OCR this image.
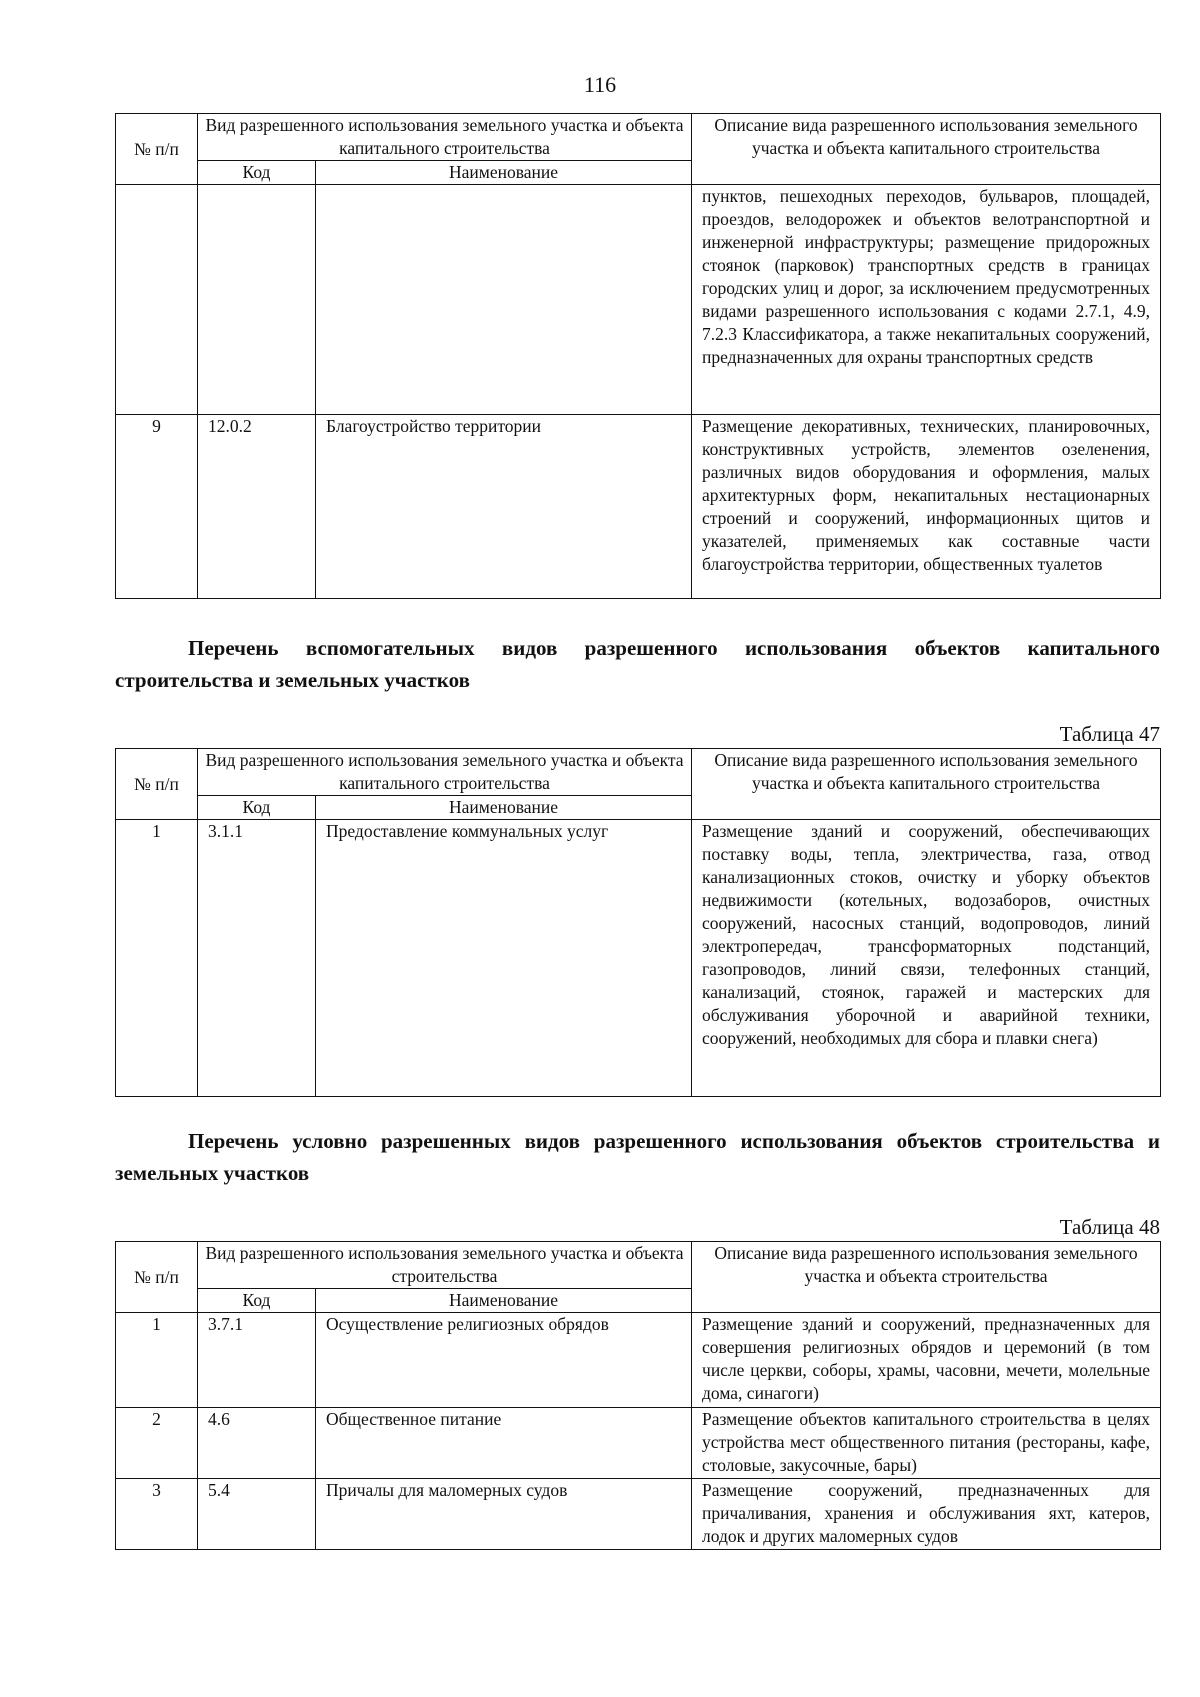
116
№ п/п	Вид разрешенного использования земельного участка и объекта капитального строительства		Описание вида разрешенного использования земельного участка и объекта капитального строительства
	Код	Наименование	
			пунктов, пешеходных переходов, бульваров, площадей, проездов, велодорожек и объектов велотранспортной и инженерной инфраструктуры; размещение придорожных стоянок (парковок) транспортных средств в границах городских улиц и дорог, за исключением предусмотренных видами разрешенного использования с кодами 2.7.1, 4.9, 7.2.3 Классификатора, а также некапитальных сооружений, предназначенных для охраны транспортных средств
9	12.0.2	Благоустройство территории	Размещение декоративных, технических, планировочных, конструктивных устройств, элементов озеленения, различных видов оборудования и оформления, малых архитектурных форм, некапитальных нестационарных строений и сооружений, информационных щитов и указателей, применяемых как составные части благоустройства территории, общественных туалетов
Перечень вспомогательных видов разрешенного использования объектов капитального строительства и земельных участков
Таблица 47
№ п/п	Вид разрешенного использования земельного участка и объекта капитального строительства		Описание вида разрешенного использования земельного участка и объекта капитального строительства
	Код	Наименование	
1	3.1.1	Предоставление коммунальных услуг	Размещение зданий и сооружений, обеспечивающих поставку воды, тепла, электричества, газа, отвод канализационных стоков, очистку и уборку объектов недвижимости (котельных, водозаборов, очистных сооружений, насосных станций, водопроводов, линий электропередач, трансформаторных подстанций, газопроводов, линий связи, телефонных станций, канализаций, стоянок, гаражей и мастерских для обслуживания уборочной и аварийной техники, сооружений, необходимых для сбора и плавки снега)
Перечень условно разрешенных видов разрешенного использования объектов строительства и земельных участков
Таблица 48
№ п/п	Вид разрешенного использования земельного участка и объекта строительства		Описание вида разрешенного использования земельного участка и объекта строительства
	Код	Наименование	
1	3.7.1	Осуществление религиозных обрядов	Размещение зданий и сооружений, предназначенных для совершения религиозных обрядов и церемоний (в том числе церкви, соборы, храмы, часовни, мечети, молельные дома, синагоги)
2	4.6	Общественное питание	Размещение объектов капитального строительства в целях устройства мест общественного питания (рестораны, кафе, столовые, закусочные, бары)
3	5.4	Причалы для маломерных судов	Размещение сооружений, предназначенных для причаливания, хранения и обслуживания яхт, катеров, лодок и других маломерных судов
